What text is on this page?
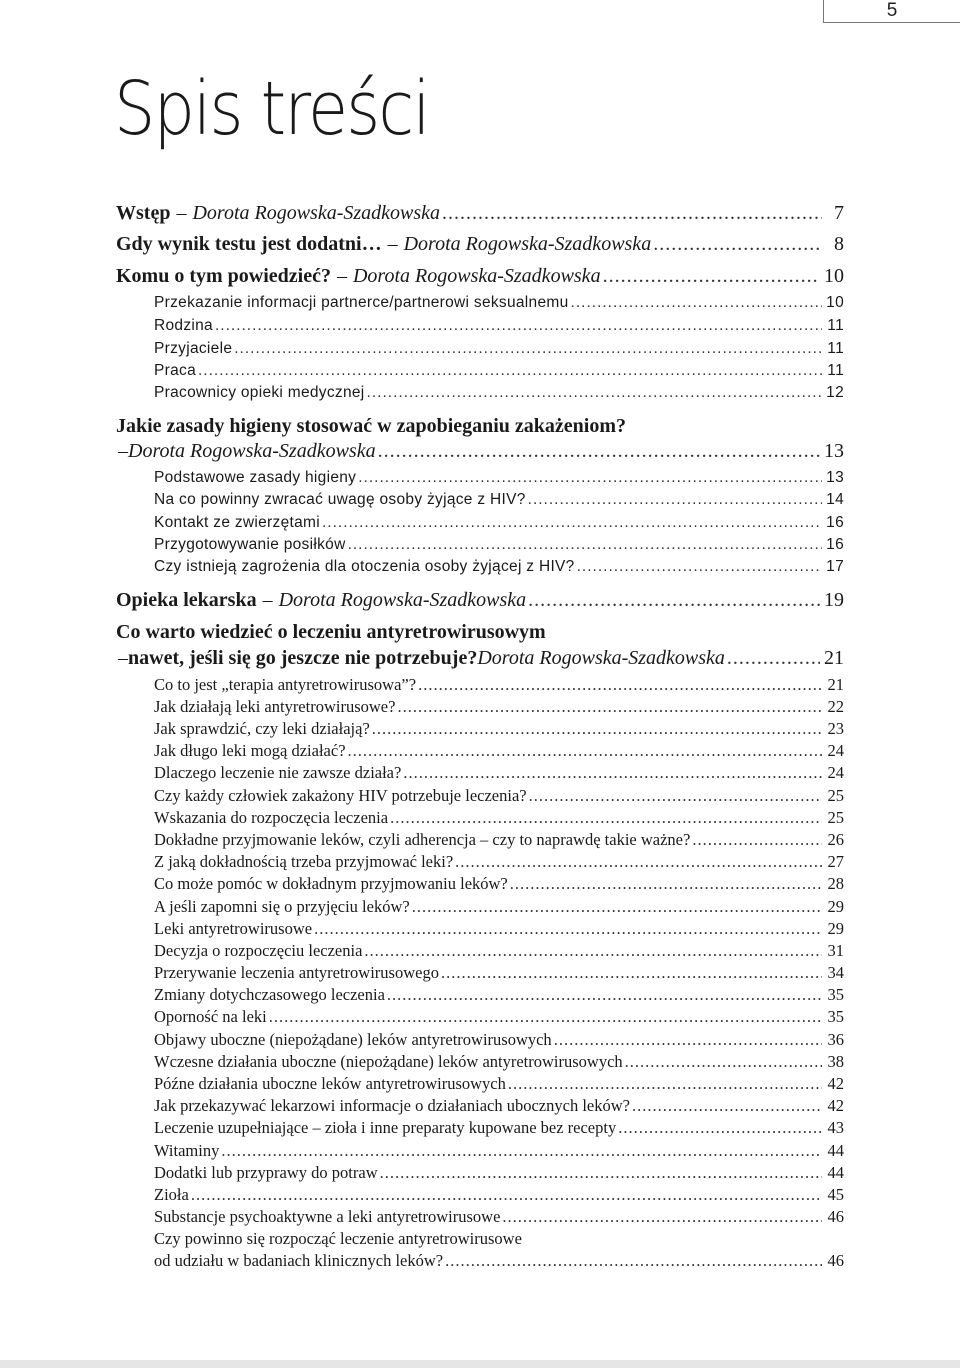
5
Spis treści
Wstęp – Dorota Rogowska-Szadkowska .....	7
Gdy wynik testu jest dodatni… – Dorota Rogowska-Szadkowska .....	8
Komu o tym powiedzieć? – Dorota Rogowska-Szadkowska .....	10
Przekazanie informacji partnerce/partnerowi seksualnemu .....	10
Rodzina .....	11
Przyjaciele .....	11
Praca .....	11
Pracownicy opieki medycznej .....	12
Jakie zasady higieny stosować w zapobieganiu zakażeniom?
– Dorota Rogowska-Szadkowska .....	13
Podstawowe zasady higieny .....	13
Na co powinny zwracać uwagę osoby żyjące z HIV? .....	14
Kontakt ze zwierzętami .....	16
Przygotowywanie posiłków .....	16
Czy istnieją zagrożenia dla otoczenia osoby żyjącej z HIV? .....	17
Opieka lekarska – Dorota Rogowska-Szadkowska .....	19
Co warto wiedzieć o leczeniu antyretrowirusowym
– nawet, jeśli się go jeszcze nie potrzebuje? Dorota Rogowska-Szadkowska .....	21
Co to jest „terapia antyretrowirusowa”? .....	21
Jak działają leki antyretrowirusowe? .....	22
Jak sprawdzić, czy leki działają? .....	23
Jak długo leki mogą działać? .....	24
Dlaczego leczenie nie zawsze działa? .....	24
Czy każdy człowiek zakażony HIV potrzebuje leczenia? .....	25
Wskazania do rozpoczęcia leczenia .....	25
Dokładne przyjmowanie leków, czyli adherencja – czy to naprawdę takie ważne? .....	26
Z jaką dokładnością trzeba przyjmować leki? .....	27
Co może pomóc w dokładnym przyjmowaniu leków? .....	28
A jeśli zapomni się o przyjęciu leków? .....	29
Leki antyretrowirusowe .....	29
Decyzja o rozpoczęciu leczenia .....	31
Przerywanie leczenia antyretrowirusowego .....	34
Zmiany dotychczasowego leczenia .....	35
Oporność na leki .....	35
Objawy uboczne (niepożądane) leków antyretrowirusowych .....	36
Wczesne działania uboczne (niepożądane) leków antyretrowirusowych .....	38
Późne działania uboczne leków antyretrowirusowych .....	42
Jak przekazywać lekarzowi informacje o działaniach ubocznych leków? .....	42
Leczenie uzupełniające – zioła i inne preparaty kupowane bez recepty .....	43
Witaminy .....	44
Dodatki lub przyprawy do potraw .....	44
Zioła .....	45
Substancje psychoaktywne a leki antyretrowirusowe .....	46
Czy powinno się rozpocząć leczenie antyretrowirusowe
od udziału w badaniach klinicznych leków? .....	46
